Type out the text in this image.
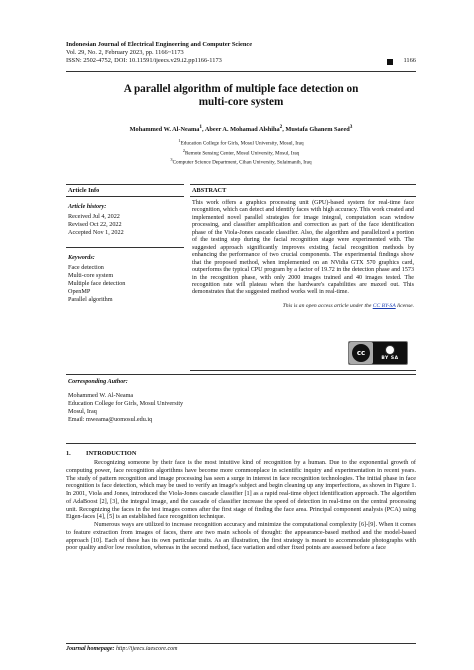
Indonesian Journal of Electrical Engineering and Computer Science
Vol. 29, No. 2, February 2023, pp. 1166~1173
ISSN: 2502-4752, DOI: 10.11591/ijeecs.v29.i2.pp1166-1173	1166
A parallel algorithm of multiple face detection on
multi-core system
Mohammed W. Al-Neama$^1$, Abeer A. Mohamad Alshiha$^2$, Mustafa Ghanem Saeed$^3$
$^1$Education College for Girls, Mosul University, Mosul, Iraq
$^2$Remote Sensing Center, Mosul University, Mosul, Iraq
$^3$Computer Science Department, Cihan University, Sulaimanih, Iraq
Article Info
Article history:
Received Jul 4, 2022
Revised Oct 22, 2022
Accepted Nov 1, 2022
Keywords:
Face detection
Multi-core system
Multiple face detection
OpenMP
Parallel algorithm
ABSTRACT
This work offers a graphics processing unit (GPU)-based system for real-time face recognition, which can detect and identify faces with high accuracy. This work created and implemented novel parallel strategies for image integral, computation scan window processing, and classifier amplification and correction as part of the face identification phase of the Viola-Jones cascade classifier. Also, the algorithm and parallelized a portion of the testing step during the facial recognition stage were experimented with. The suggested approach significantly improves existing facial recognition methods by enhancing the performance of two crucial components. The experimental findings show that the proposed method, when implemented on an NVidia GTX 570 graphics card, outperforms the typical CPU program by a factor of 19.72 in the detection phase and 1573 in the recognition phase, with only 2000 images trained and 40 images tested. The recognition rate will plateau when the hardware's capabilities are maxed out. This demonstrates that the suggested method works well in real-time.
This is an open access article under the CC BY-SA license.
cc
BY SA
Corresponding Author:
Mohammed W. Al-Neama
Education College for Girls, Mosul University
Mosul, Iraq
Email: mweama@uomosul.edu.iq
1. INTRODUCTION

Recognizing someone by their face is the most intuitive kind of recognition by a human. Due to the exponential growth of computing power, face recognition algorithms have become more commonplace in scientific inquiry and experimentation in recent years. The study of pattern recognition and image processing has seen a surge in interest in face recognition technologies. The initial phase in face recognition is face detection, which may be used to verify an image's subject and begin cleaning up any imperfections, as shown in Figure 1. In 2001, Viola and Jones, introduced the Viola-Jones cascade classifier [1] as a rapid real-time object identification approach. The algorithm of AdaBoost [2], [3], the integral image, and the cascade of classifier increase the speed of detection in real-time on the central processing unit. Recognizing the faces in the test images comes after the first stage of finding the face area. Principal component analysis (PCA) using Eigen-faces [4], [5] is an established face recognition technique.

Numerous ways are utilized to increase recognition accuracy and minimize the computational complexity [6]-[9]. When it comes to feature extraction from images of faces, there are two main schools of thought: the appearance-based method and the model-based approach [10]. Each of these has its own particular traits. As an illustration, the first strategy is meant to accommodate photographs with poor quality and/or low resolution, whereas in the second method, face variation and other fixed points are assessed before a face

Journal homepage: http://ijeecs.iaescore.com
